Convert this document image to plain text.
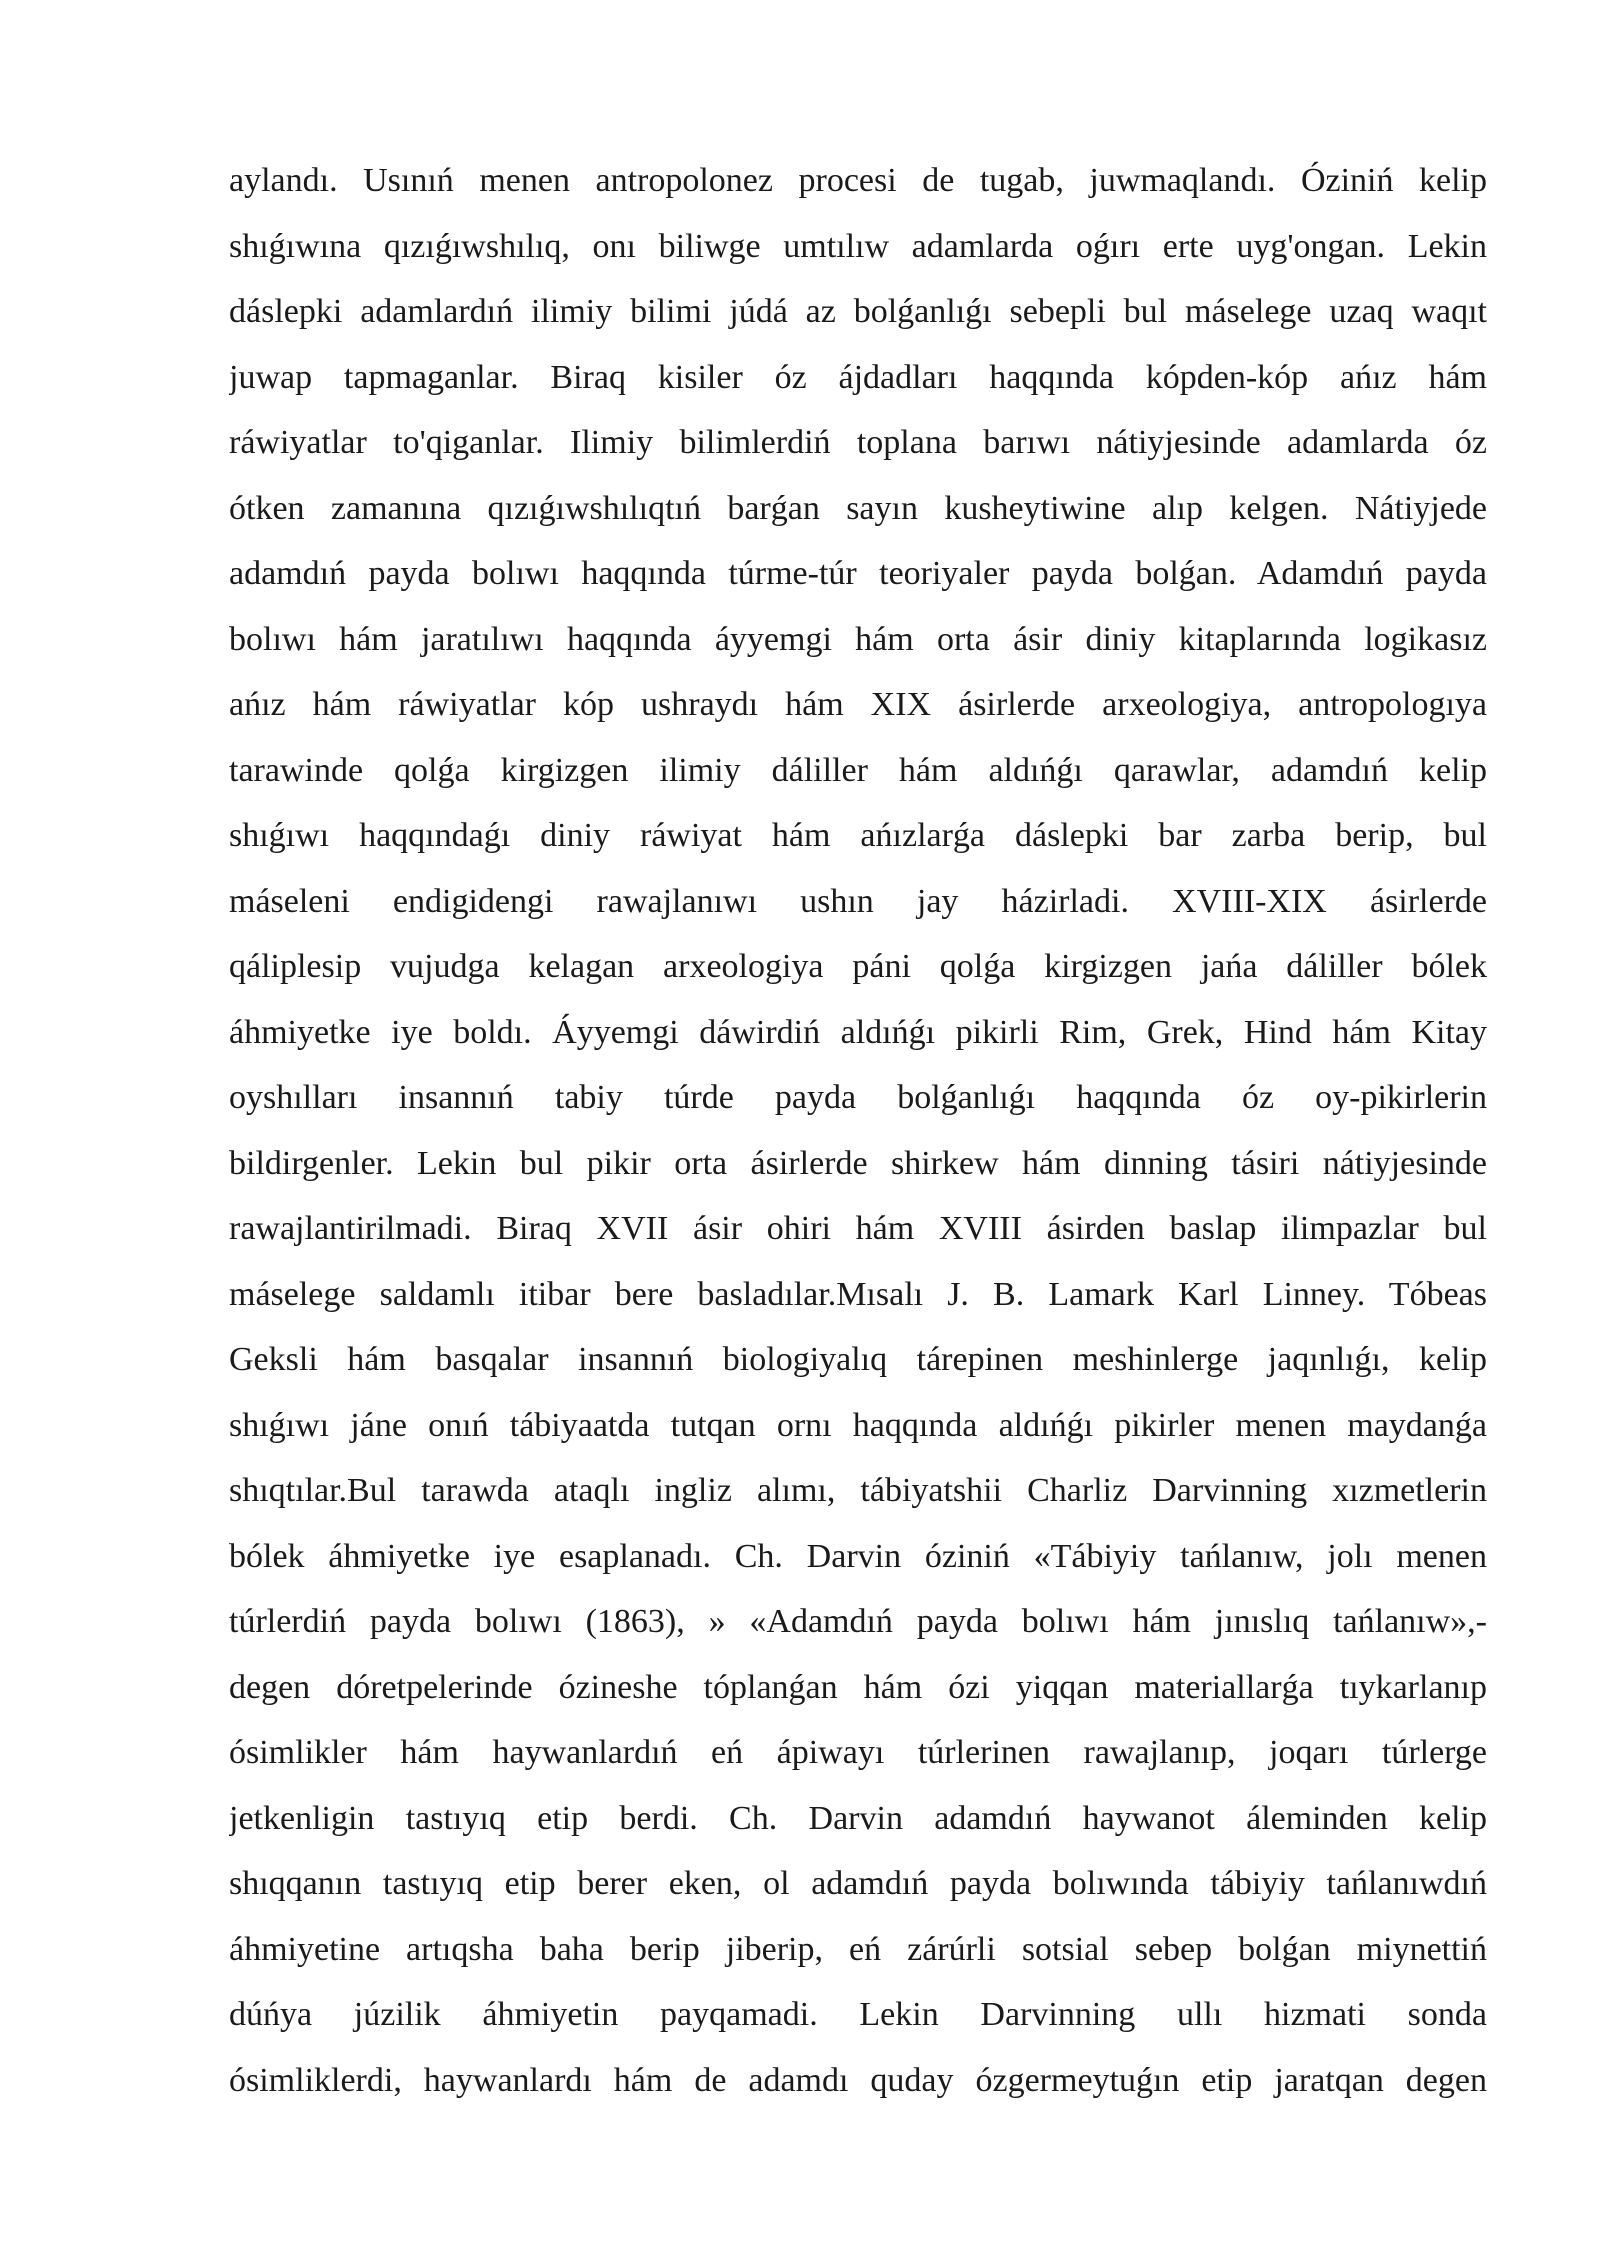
aylandı. Usınıń menen antropolonez procesi de tugab, juwmaqlandı. Óziniń kelip
shıǵıwına qızıǵıwshılıq, onı biliwge umtılıw adamlarda oǵırı erte uyg'ongan. Lekin
dáslepki adamlardıń ilimiy bilimi júdá az bolǵanlıǵı sebepli bul máselege uzaq waqıt
juwap tapmaganlar. Biraq kisiler óz ájdadları haqqında kópden-kóp ańız hám
ráwiyatlar to'qiganlar. Ilimiy bilimlerdiń toplana barıwı nátiyjesinde adamlarda óz
ótken zamanına qızıǵıwshılıqtıń barǵan sayın kusheytiwine alıp kelgen. Nátiyjede
adamdıń payda bolıwı haqqında túrme-túr teoriyaler payda bolǵan. Adamdıń payda
bolıwı hám jaratılıwı haqqında áyyemgi hám orta ásir diniy kitaplarında logikasız
ańız hám ráwiyatlar kóp ushraydı hám XIX ásirlerde arxeologiya, antropologıya
tarawinde qolǵa kirgizgen ilimiy dáliller hám aldıńǵı qarawlar, adamdıń kelip
shıǵıwı haqqındaǵı diniy ráwiyat hám ańızlarǵa dáslepki bar zarba berip, bul
máseleni endigidengi rawajlanıwı ushın jay házirladi. XVIII-XIX ásirlerde
qáliplesip vujudga kelagan arxeologiya páni qolǵa kirgizgen jańa dáliller bólek
áhmiyetke iye boldı. Áyyemgi dáwirdiń aldıńǵı pikirli Rim, Grek, Hind hám Kitay
oyshılları insannıń tabiy túrde payda bolǵanlıǵı haqqında óz oy-pikirlerin
bildirgenler. Lekin bul pikir orta ásirlerde shirkew hám dinning tásiri nátiyjesinde
rawajlantirilmadi. Biraq XVII ásir ohiri hám XVIII ásirden baslap ilimpazlar bul
máselege saldamlı itibar bere basladılar.Mısalı J. B. Lamark Karl Linney. Tóbeas
Geksli hám basqalar insannıń biologiyalıq tárepinen meshinlerge jaqınlıǵı, kelip
shıǵıwı jáne onıń tábiyaatda tutqan ornı haqqında aldıńǵı pikirler menen maydanǵa
shıqtılar.Bul tarawda ataqlı ingliz alımı, tábiyatshii Charliz Darvinning xızmetlerin
bólek áhmiyetke iye esaplanadı. Ch. Darvin óziniń «Tábiyiy tańlanıw, jolı menen
túrlerdiń payda bolıwı (1863), » «Adamdıń payda bolıwı hám jınıslıq tańlanıw»,-
degen dóretpelerinde ózineshe tóplanǵan hám ózi yiqqan materiallarǵa tıykarlanıp
ósimlikler hám haywanlardıń eń ápiwayı túrlerinen rawajlanıp, joqarı túrlerge
jetkenligin tastıyıq etip berdi. Ch. Darvin adamdıń haywanot áleminden kelip
shıqqanın tastıyıq etip berer eken, ol adamdıń payda bolıwında tábiyiy tańlanıwdıń
áhmiyetine artıqsha baha berip jiberip, eń zárúrli sotsial sebep bolǵan miynettiń
dúńya júzilik áhmiyetin payqamadi. Lekin Darvinning ullı hizmati sonda
ósimliklerdi, haywanlardı hám de adamdı quday ózgermeytuǵın etip jaratqan degen
